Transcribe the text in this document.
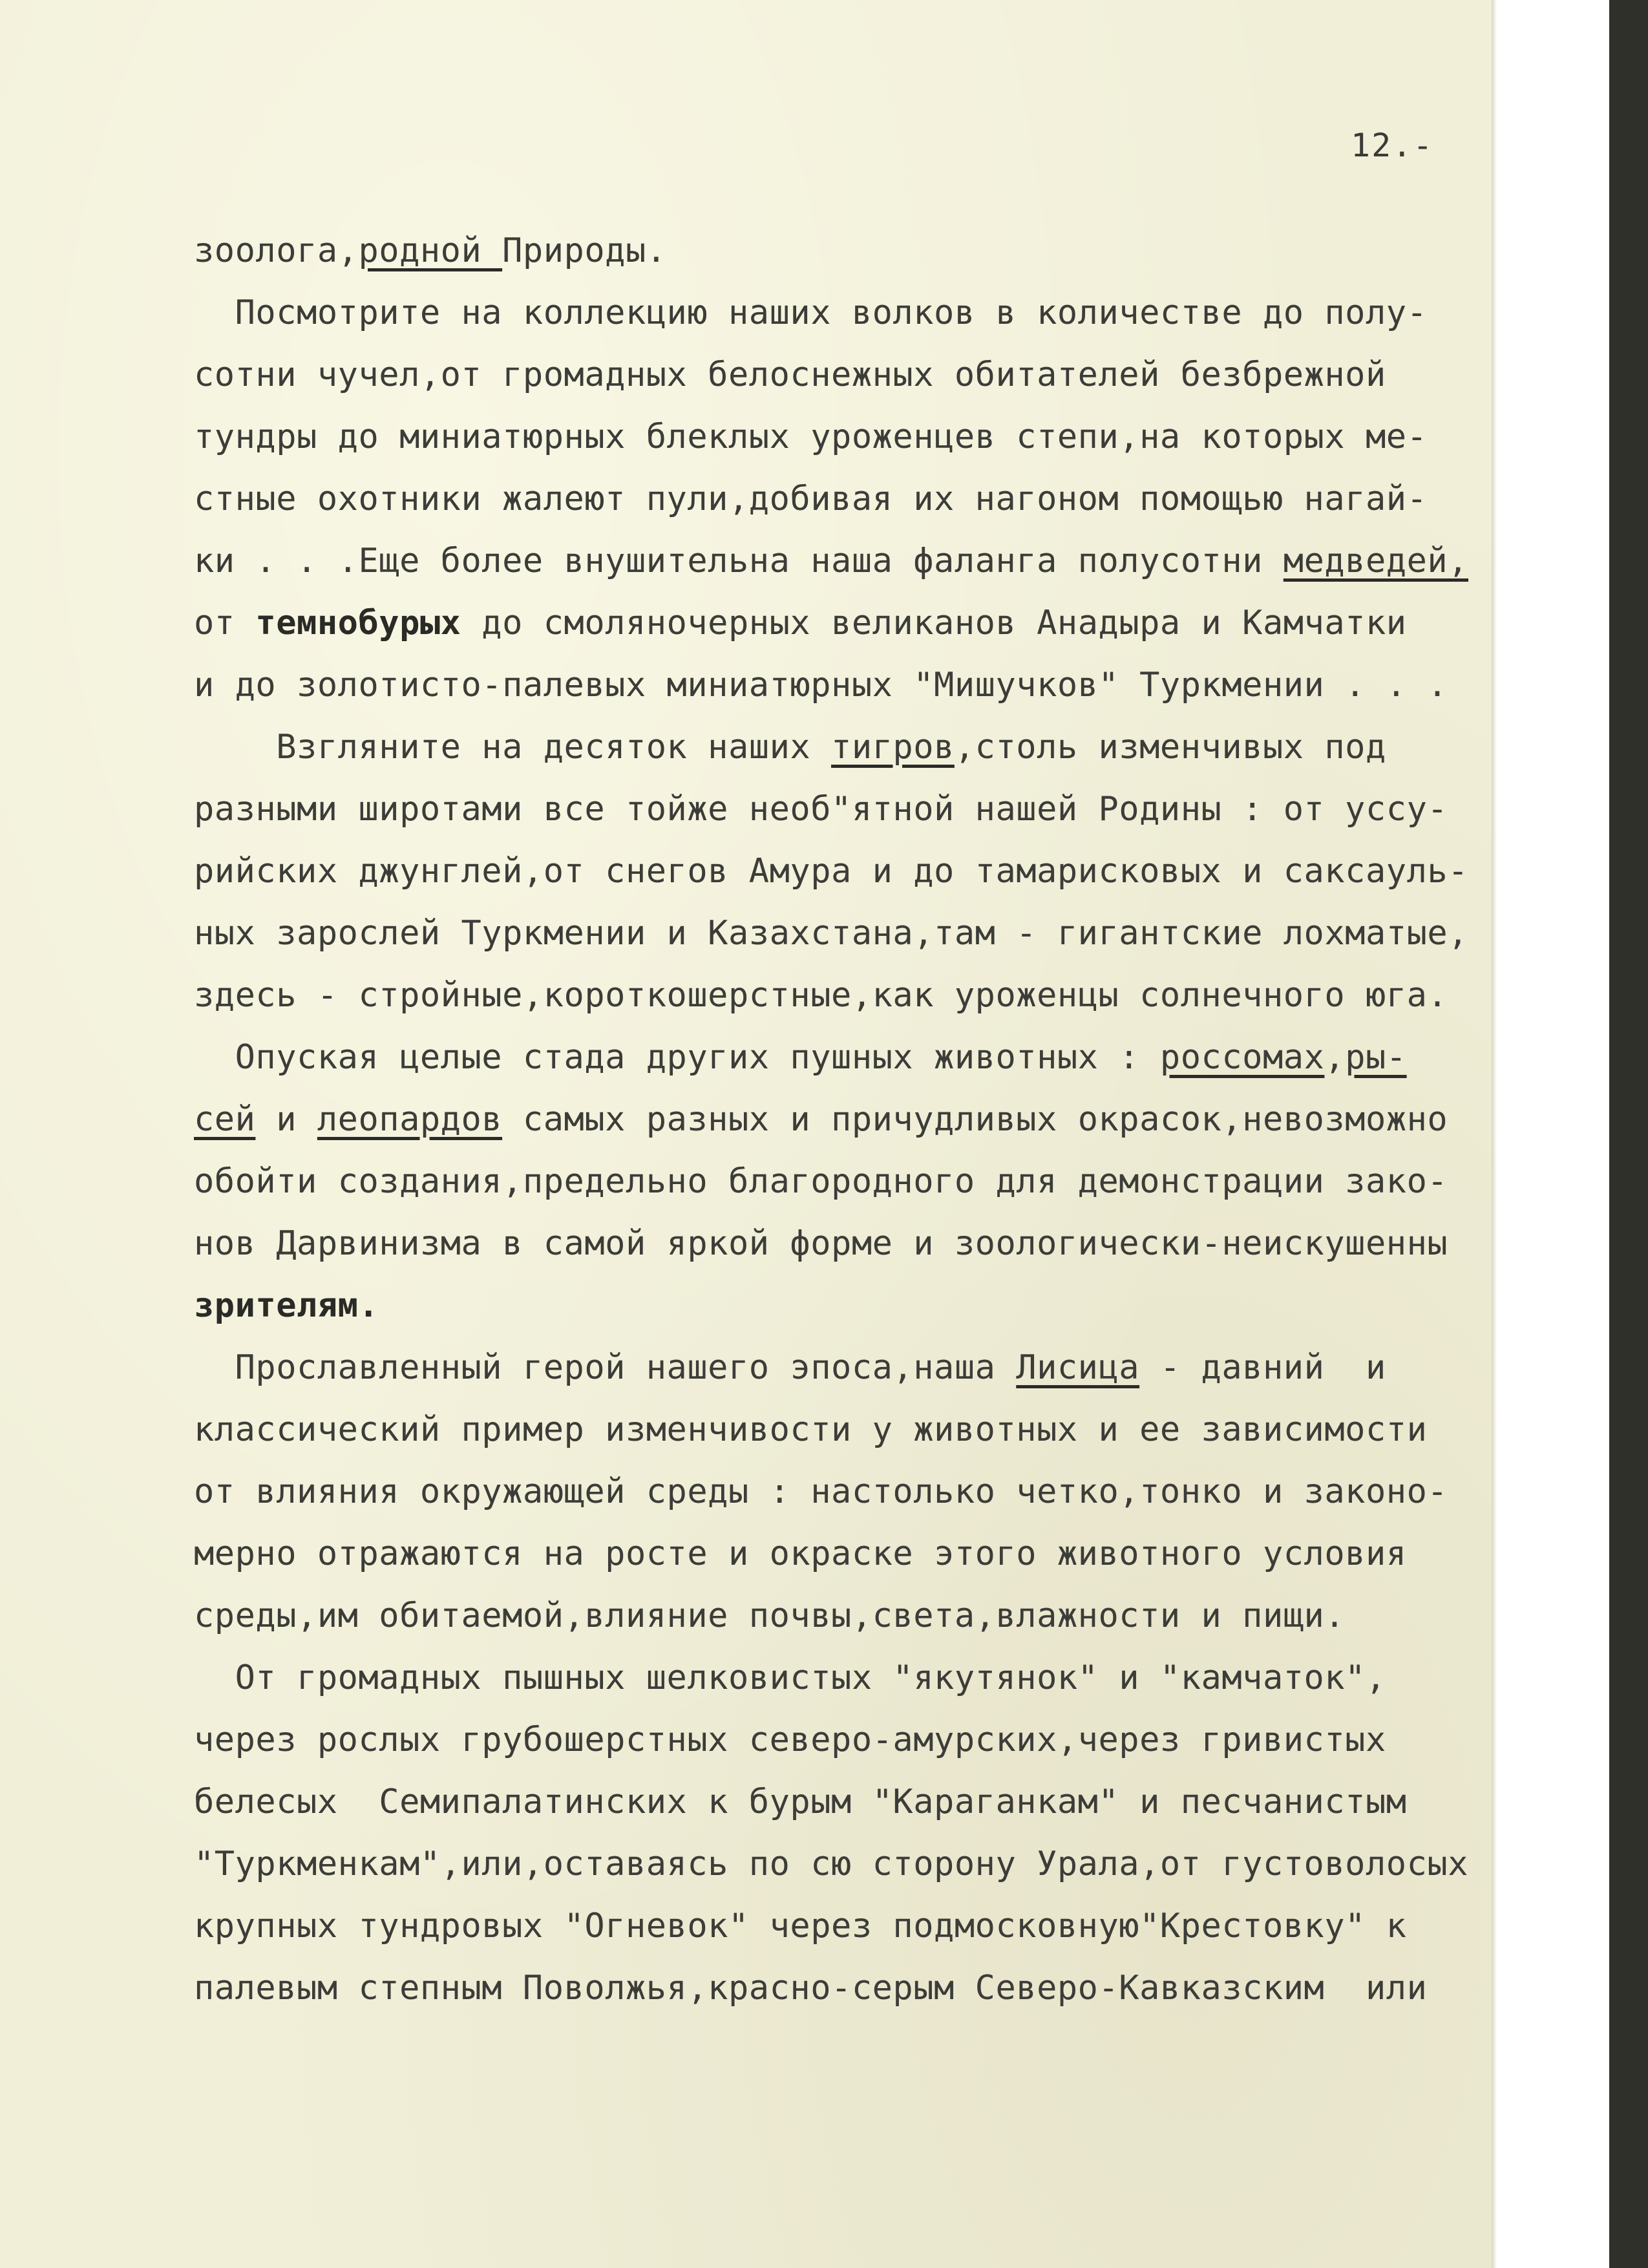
12.-
зоолога,родной Природы.
Посмотрите на коллекцию наших волков в количестве до полу-
сотни чучел,от громадных белоснежных обитателей безбрежной
тундры до миниатюрных блеклых уроженцев степи,на которых ме-
стные охотники жалеют пули,добивая их нагоном помощью нагай-
ки . . .Еще более внушительна наша фаланга полусотни медведей,
от темнобурых до смоляночерных великанов Анадыра и Камчатки
и до золотисто-палевых миниатюрных "Мишучков" Туркмении . . .
Взгляните на десяток наших тигров,столь изменчивых под
разными широтами все тойже необ"ятной нашей Родины : от уссу-
рийских джунглей,от снегов Амура и до тамарисковых и саксауль-
ных зарослей Туркмении и Казахстана,там - гигантские лохматые,
здесь - стройные,короткошерстные,как уроженцы солнечного юга.
Опуская целые стада других пушных животных : россомах,ры-
сей и леопардов самых разных и причудливых окрасок,невозможно
обойти создания,предельно благородного для демонстрации зако-
нов Дарвинизма в самой яркой форме и зоологически-неискушенны
зрителям.
Прославленный герой нашего эпоса,наша Лисица - давний  и
классический пример изменчивости у животных и ее зависимости
от влияния окружающей среды : настолько четко,тонко и законо-
мерно отражаются на росте и окраске этого животного условия
среды,им обитаемой,влияние почвы,света,влажности и пищи.
От громадных пышных шелковистых "якутянок" и "камчаток",
через рослых грубошерстных северо-амурских,через гривистых
белесых  Семипалатинских к бурым "Караганкам" и песчанистым
"Туркменкам",или,оставаясь по сю сторону Урала,от густоволосых
крупных тундровых "Огневок" через подмосковную"Крестовку" к
палевым степным Поволжья,красно-серым Северо-Кавказским  или
